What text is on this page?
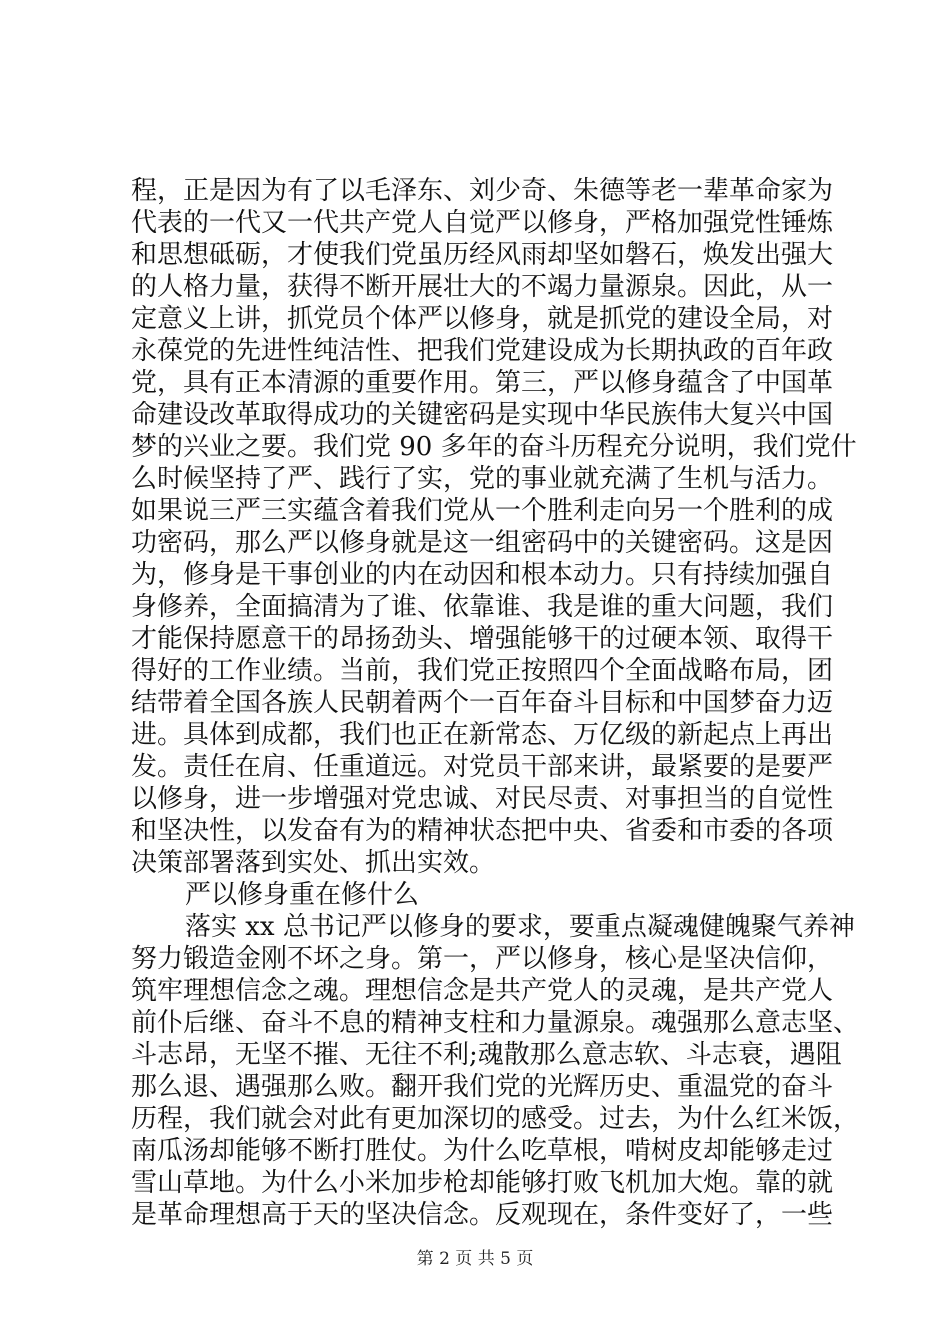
程，正是因为有了以毛泽东、刘少奇、朱德等老一辈革命家为
代表的一代又一代共产党人自觉严以修身，严格加强党性锤炼
和思想砥砺，才使我们党虽历经风雨却坚如磐石，焕发出强大
的人格力量，获得不断开展壮大的不竭力量源泉。因此，从一
定意义上讲，抓党员个体严以修身，就是抓党的建设全局，对
永葆党的先进性纯洁性、把我们党建设成为长期执政的百年政
党，具有正本清源的重要作用。第三，严以修身蕴含了中国革
命建设改革取得成功的关键密码是实现中华民族伟大复兴中国
梦的兴业之要。我们党 90 多年的奋斗历程充分说明，我们党什
么时候坚持了严、践行了实，党的事业就充满了生机与活力。
如果说三严三实蕴含着我们党从一个胜利走向另一个胜利的成
功密码，那么严以修身就是这一组密码中的关键密码。这是因
为，修身是干事创业的内在动因和根本动力。只有持续加强自
身修养，全面搞清为了谁、依靠谁、我是谁的重大问题，我们
才能保持愿意干的昂扬劲头、增强能够干的过硬本领、取得干
得好的工作业绩。当前，我们党正按照四个全面战略布局，团
结带着全国各族人民朝着两个一百年奋斗目标和中国梦奋力迈
进。具体到成都，我们也正在新常态、万亿级的新起点上再出
发。责任在肩、任重道远。对党员干部来讲，最紧要的是要严
以修身，进一步增强对党忠诚、对民尽责、对事担当的自觉性
和坚决性，以发奋有为的精神状态把中央、省委和市委的各项
决策部署落到实处、抓出实效。
严以修身重在修什么
落实 xx 总书记严以修身的要求，要重点凝魂健魄聚气养神
努力锻造金刚不坏之身。第一，严以修身，核心是坚决信仰，
筑牢理想信念之魂。理想信念是共产党人的灵魂，是共产党人
前仆后继、奋斗不息的精神支柱和力量源泉。魂强那么意志坚、
斗志昂，无坚不摧、无往不利;魂散那么意志软、斗志衰，遇阻
那么退、遇强那么败。翻开我们党的光辉历史、重温党的奋斗
历程，我们就会对此有更加深切的感受。过去，为什么红米饭，
南瓜汤却能够不断打胜仗。为什么吃草根，啃树皮却能够走过
雪山草地。为什么小米加步枪却能够打败飞机加大炮。靠的就
是革命理想高于天的坚决信念。反观现在，条件变好了，一些
第 2 页 共 5 页
